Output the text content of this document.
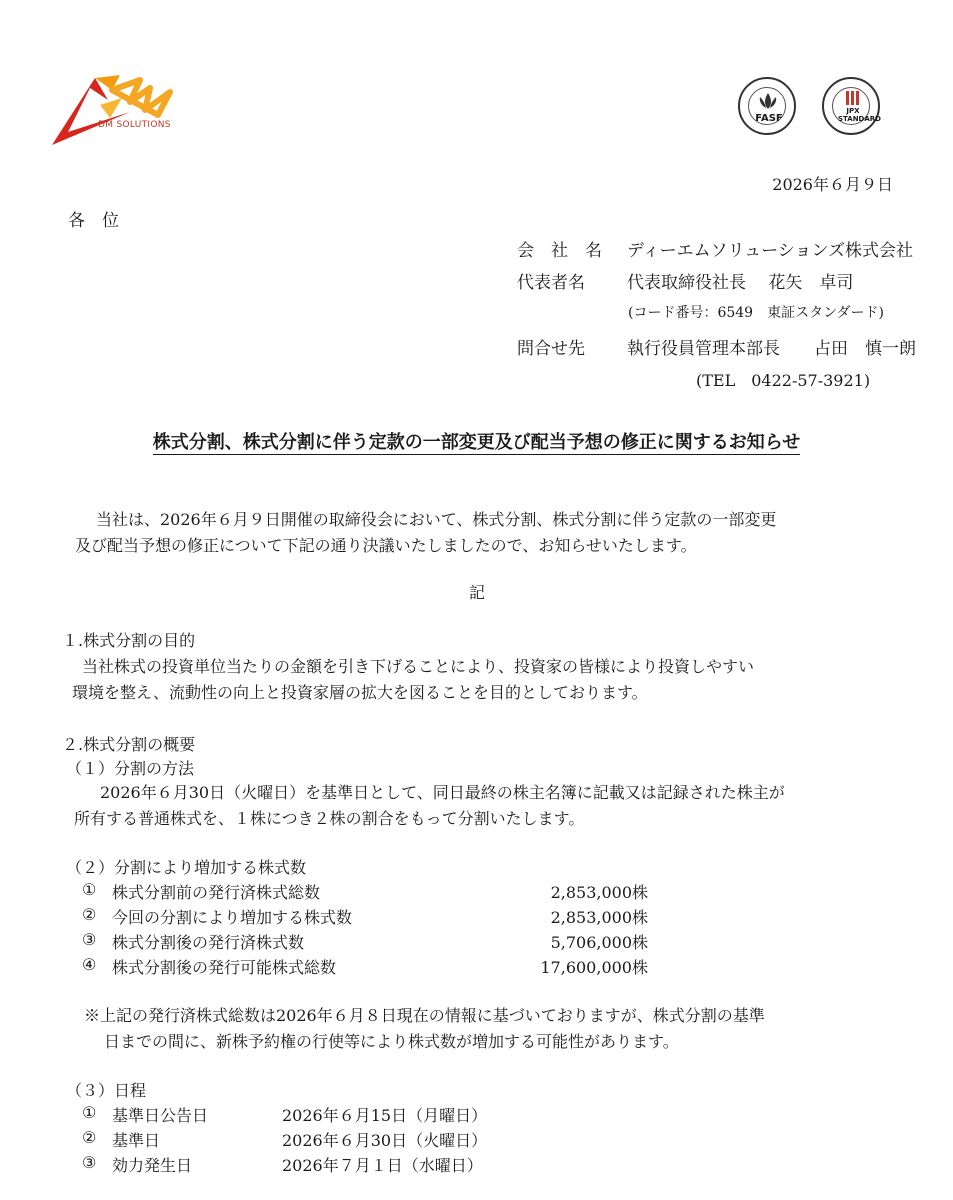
DM SOLUTIONS
FASF
JPX STANDARD
2026年６月９日
各　位
会　社　名 ディーエムソリューションズ株式会社
代表者名 代表取締役社長　 花矢　卓司
(コード番号：6549　東証スタンダード)
問合せ先 執行役員管理本部長　　占田　慎一朗
(TEL　0422-57-3921)
株式分割、株式分割に伴う定款の一部変更及び配当予想の修正に関するお知らせ
当社は、2026年６月９日開催の取締役会において、株式分割、株式分割に伴う定款の一部変更
及び配当予想の修正について下記の通り決議いたしましたので、お知らせいたします。
記
１.株式分割の目的
当社株式の投資単位当たりの金額を引き下げることにより、投資家の皆様により投資しやすい
環境を整え、流動性の向上と投資家層の拡大を図ることを目的としております。
２.株式分割の概要
（１）分割の方法
2026年６月30日（火曜日）を基準日として、同日最終の株主名簿に記載又は記録された株主が
所有する普通株式を、１株につき２株の割合をもって分割いたします。
（２）分割により増加する株式数
① 株式分割前の発行済株式総数	2,853,000株
② 今回の分割により増加する株式数	2,853,000株
③ 株式分割後の発行済株式数	5,706,000株
④ 株式分割後の発行可能株式総数	17,600,000株
※上記の発行済株式総数は2026年６月８日現在の情報に基づいておりますが、株式分割の基準
日までの間に、新株予約権の行使等により株式数が増加する可能性があります。
（３）日程
① 基準日公告日	2026年６月15日（月曜日）
② 基準日	2026年６月30日（火曜日）
③ 効力発生日	2026年７月１日（水曜日）
